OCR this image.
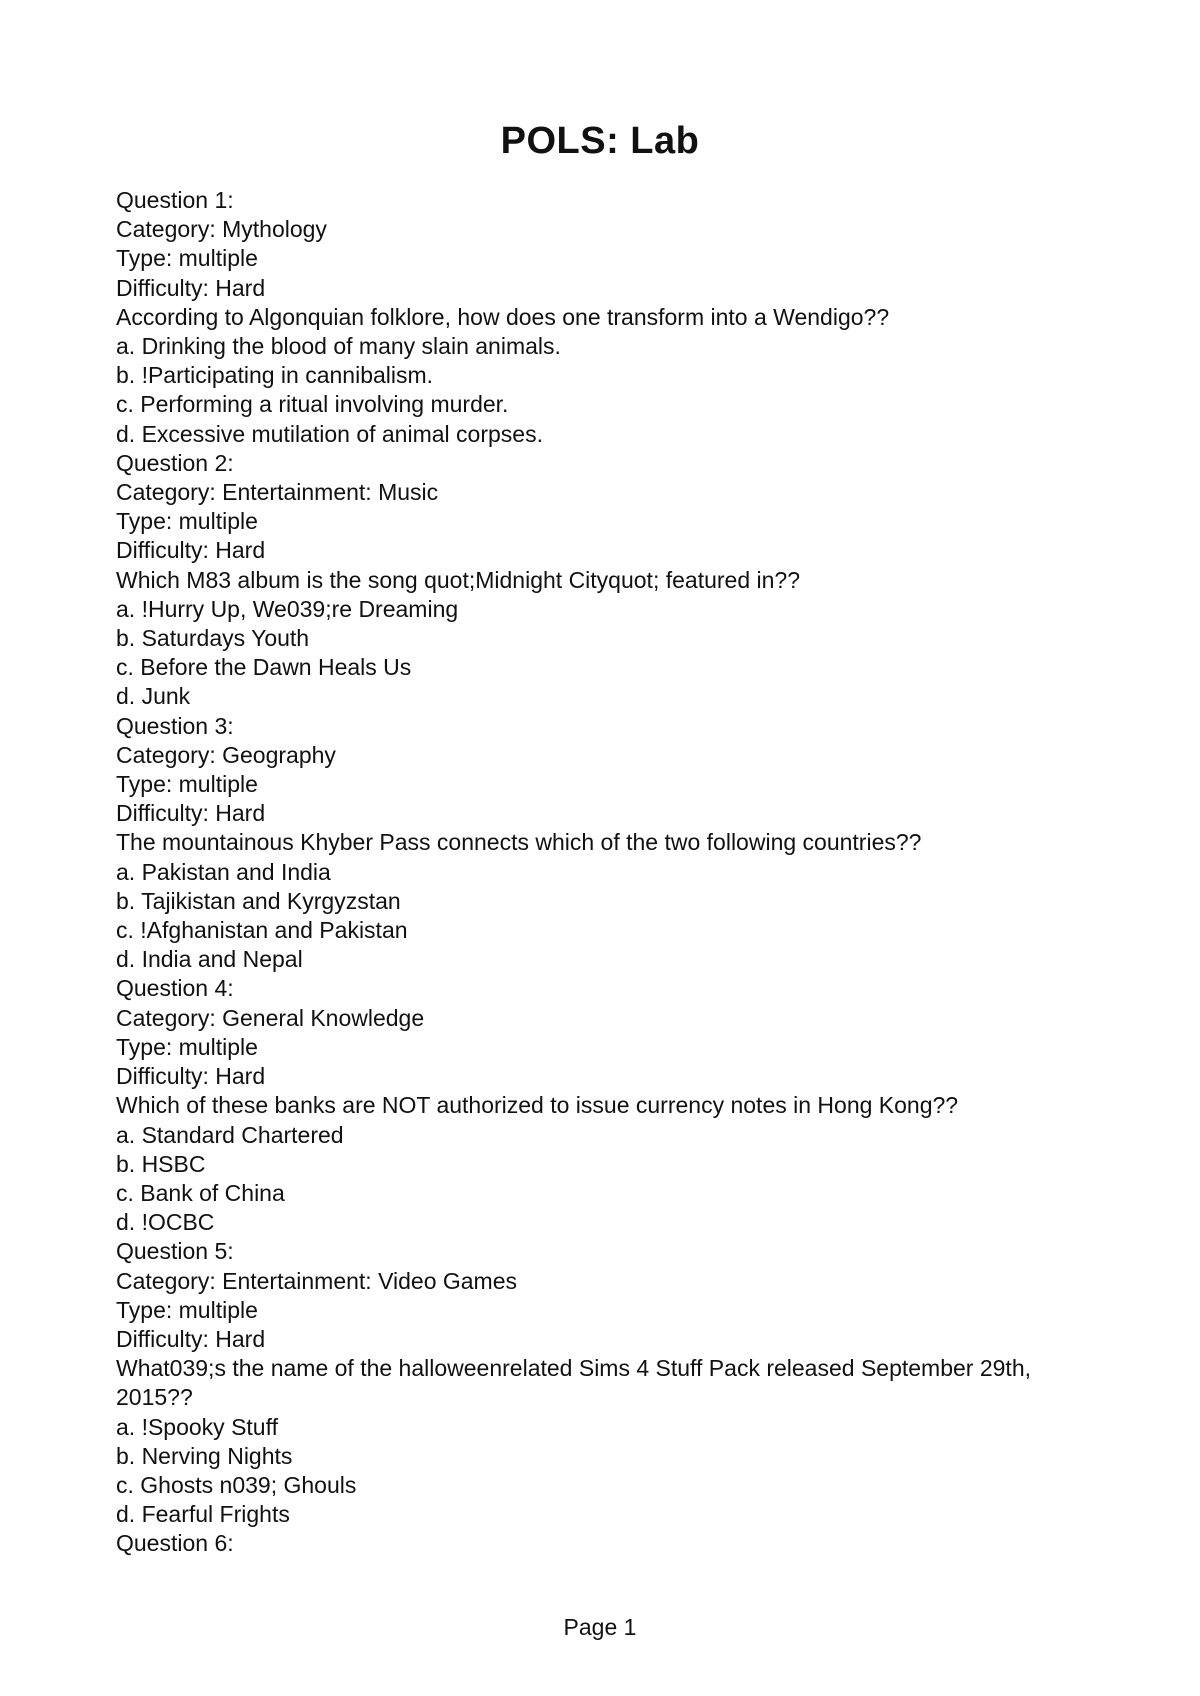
POLS: Lab
Question 1:
Category: Mythology
Type: multiple
Difficulty: Hard
According to Algonquian folklore, how does one transform into a Wendigo??
a. Drinking the blood of many slain animals.
b. !Participating in cannibalism.
c. Performing a ritual involving murder.
d. Excessive mutilation of animal corpses.
Question 2:
Category: Entertainment: Music
Type: multiple
Difficulty: Hard
Which M83 album is the song quot;Midnight Cityquot; featured in??
a. !Hurry Up, We039;re Dreaming
b. Saturdays Youth
c. Before the Dawn Heals Us
d. Junk
Question 3:
Category: Geography
Type: multiple
Difficulty: Hard
The mountainous Khyber Pass connects which of the two following countries??
a. Pakistan and India
b. Tajikistan and Kyrgyzstan
c. !Afghanistan and Pakistan
d. India and Nepal
Question 4:
Category: General Knowledge
Type: multiple
Difficulty: Hard
Which of these banks are NOT authorized to issue currency notes in Hong Kong??
a. Standard Chartered
b. HSBC
c. Bank of China
d. !OCBC
Question 5:
Category: Entertainment: Video Games
Type: multiple
Difficulty: Hard
What039;s the name of the halloweenrelated Sims 4 Stuff Pack released September 29th, 2015??
a. !Spooky Stuff
b. Nerving Nights
c. Ghosts n039; Ghouls
d. Fearful Frights
Question 6:
Page 1
